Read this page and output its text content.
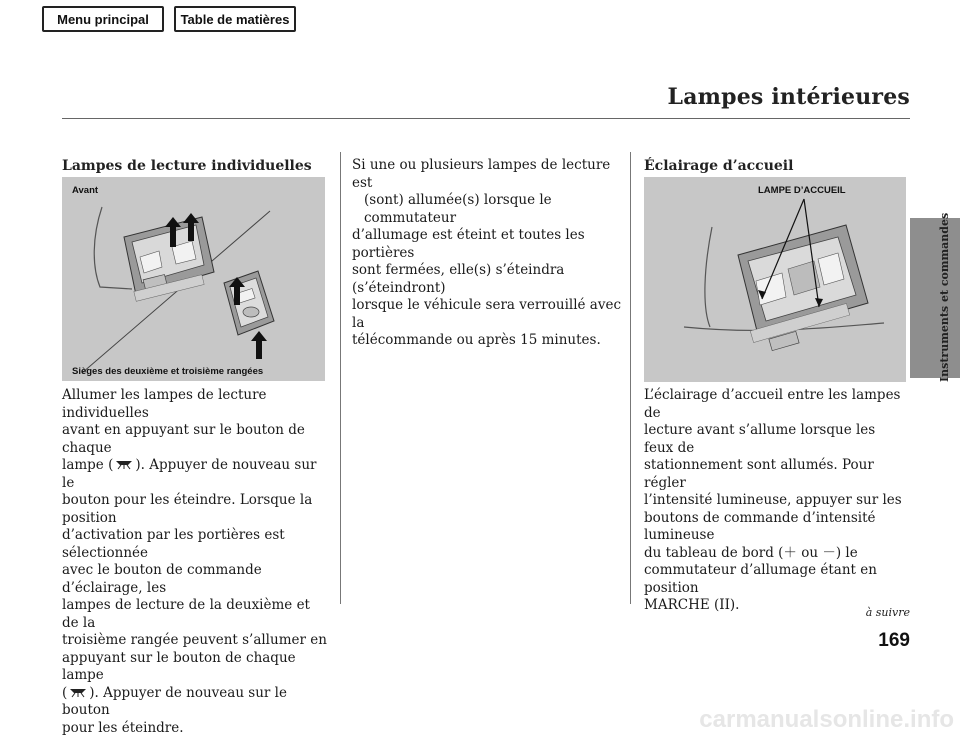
Menu principal	Table de matières
Lampes intérieures
Instruments et commandes
Lampes de lecture individuelles
Avant
Sièges des deuxième et troisième rangées
Allumer les lampes de lecture individuelles
avant en appuyant sur le bouton de chaque
lampe ( ). Appuyer de nouveau sur le
bouton pour les éteindre. Lorsque la position
d’activation par les portières est sélectionnée
avec le bouton de commande d’éclairage, les
lampes de lecture de la deuxième et de la
troisième rangée peuvent s’allumer en
appuyant sur le bouton de chaque lampe
( ). Appuyer de nouveau sur le bouton
pour les éteindre.
Si une ou plusieurs lampes de lecture est
(sont) allumée(s) lorsque le commutateur
d’allumage est éteint et toutes les portières
sont fermées, elle(s) s’éteindra (s’éteindront)
lorsque le véhicule sera verrouillé avec la
télécommande ou après 15 minutes.
Éclairage d’accueil
LAMPE D’ACCUEIL
L’éclairage d’accueil entre les lampes de
lecture avant s’allume lorsque les feux de
stationnement sont allumés. Pour régler
l’intensité lumineuse, appuyer sur les
boutons de commande d’intensité lumineuse
du tableau de bord (＋ ou －) le
commutateur d’allumage étant en position
MARCHE (II).	à suivre
169
carmanualsonline.info
